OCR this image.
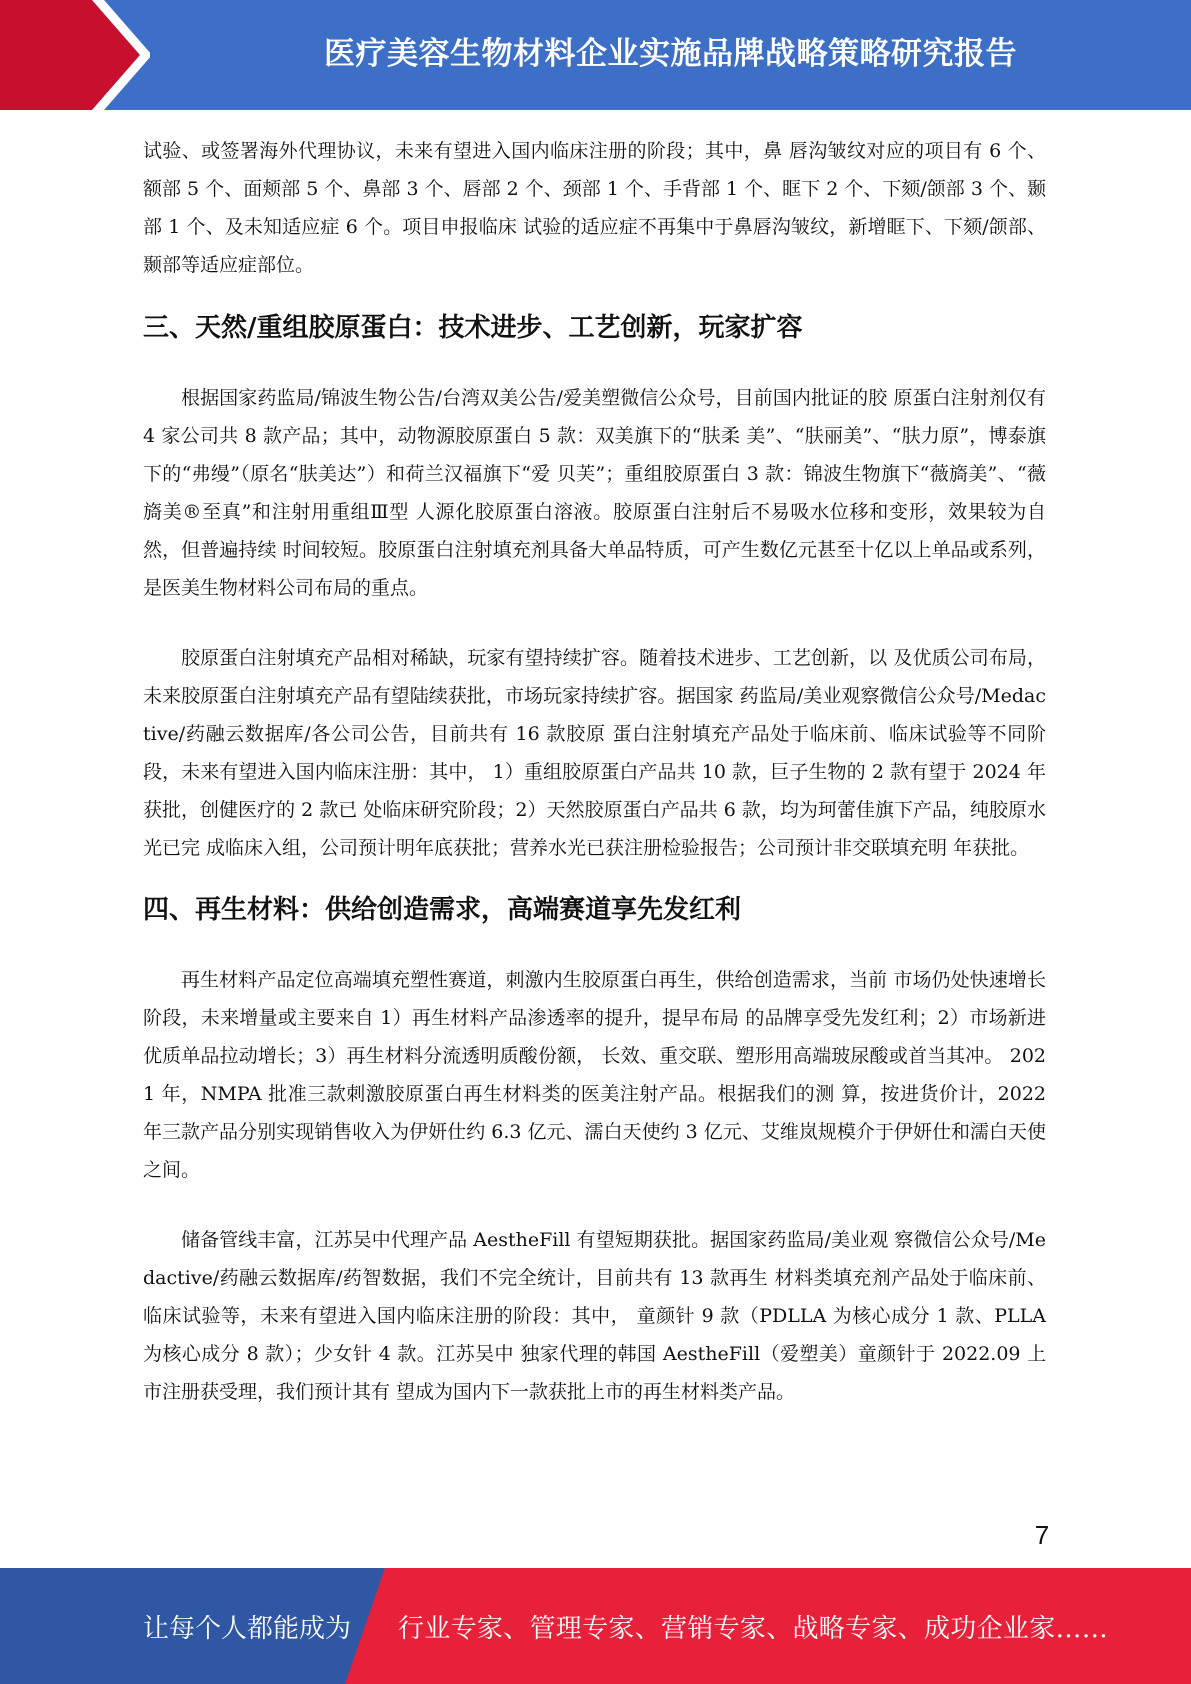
医疗美容生物材料企业实施品牌战略策略研究报告

试验、或签署海外代理协议，未来有望进入国内临床注册的阶段；其中，鼻 唇沟皱纹对应的项目有 6 个、额部 5 个、面颊部 5 个、鼻部 3 个、唇部 2 个、颈部 1 个、手背部 1 个、眶下 2 个、下颏/颌部 3 个、颞部 1 个、及未知适应症 6 个。项目申报临床 试验的适应症不再集中于鼻唇沟皱纹，新增眶下、下颏/颌部、颞部等适应症部位。

三、天然/重组胶原蛋白：技术进步、工艺创新，玩家扩容

根据国家药监局/锦波生物公告/台湾双美公告/爱美塑微信公众号，目前国内批证的胶 原蛋白注射剂仅有 4 家公司共 8 款产品；其中，动物源胶原蛋白 5 款：双美旗下的“肤柔 美”、“肤丽美”、“肤力原”，博泰旗下的“弗缦”（原名“肤美达”）和荷兰汉福旗下“爱 贝芙”；重组胶原蛋白 3 款：锦波生物旗下“薇旖美”、“薇旖美®至真”和注射用重组Ⅲ型 人源化胶原蛋白溶液。胶原蛋白注射后不易吸水位移和变形，效果较为自然，但普遍持续 时间较短。胶原蛋白注射填充剂具备大单品特质，可产生数亿元甚至十亿以上单品或系列， 是医美生物材料公司布局的重点。

胶原蛋白注射填充产品相对稀缺，玩家有望持续扩容。随着技术进步、工艺创新，以 及优质公司布局，未来胶原蛋白注射填充产品有望陆续获批，市场玩家持续扩容。据国家 药监局/美业观察微信公众号/Medactive/药融云数据库/各公司公告，目前共有 16 款胶原 蛋白注射填充产品处于临床前、临床试验等不同阶段，未来有望进入国内临床注册：其中， 1）重组胶原蛋白产品共 10 款，巨子生物的 2 款有望于 2024 年获批，创健医疗的 2 款已 处临床研究阶段；2）天然胶原蛋白产品共 6 款，均为珂蕾佳旗下产品，纯胶原水光已完 成临床入组，公司预计明年底获批；营养水光已获注册检验报告；公司预计非交联填充明 年获批。

四、再生材料：供给创造需求，高端赛道享先发红利

再生材料产品定位高端填充塑性赛道，刺激内生胶原蛋白再生，供给创造需求，当前 市场仍处快速增长阶段，未来增量或主要来自 1）再生材料产品渗透率的提升，提早布局 的品牌享受先发红利；2）市场新进优质单品拉动增长；3）再生材料分流透明质酸份额， 长效、重交联、塑形用高端玻尿酸或首当其冲。 2021 年，NMPA 批准三款刺激胶原蛋白再生材料类的医美注射产品。根据我们的测 算，按进货价计，2022 年三款产品分别实现销售收入为伊妍仕约 6.3 亿元、濡白天使约 3 亿元、艾维岚规模介于伊妍仕和濡白天使之间。

储备管线丰富，江苏吴中代理产品 AestheFill 有望短期获批。据国家药监局/美业观 察微信公众号/Medactive/药融云数据库/药智数据，我们不完全统计，目前共有 13 款再生 材料类填充剂产品处于临床前、临床试验等，未来有望进入国内临床注册的阶段：其中， 童颜针 9 款（PDLLA 为核心成分 1 款、PLLA 为核心成分 8 款）；少女针 4 款。江苏吴中 独家代理的韩国 AestheFill（爱塑美）童颜针于 2022.09 上市注册获受理，我们预计其有 望成为国内下一款获批上市的再生材料类产品。

7
让每个人都能成为 行业专家、管理专家、营销专家、战略专家、成功企业家……
